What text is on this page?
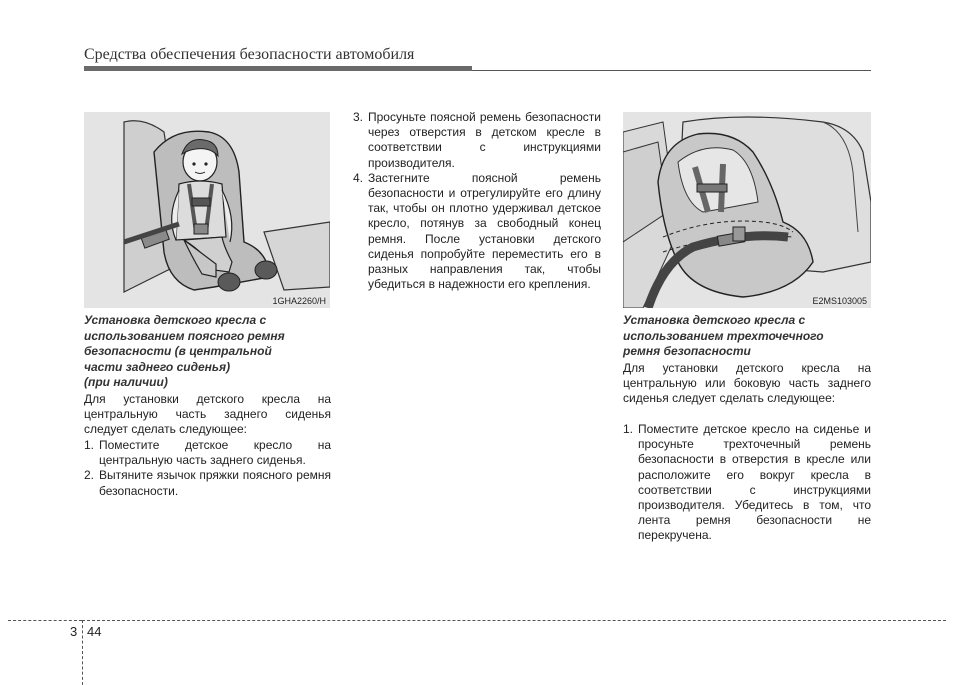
Средства обеспечения безопасности автомобиля
1GHA2260/H
Установка детского кресла с
использованием поясного ремня
безопасности (в центральной
части заднего сиденья)
(при наличии)
Для установки детского кресла на центральную часть заднего сиденья следует сделать следующее:
1. Поместите детское кресло на центральную часть заднего сиденья.
2. Вытяните язычок пряжки поясного ремня безопасности.
3. Просуньте поясной ремень безопасности через отверстия в детском кресле в соответствии с инструкциями производителя.
4. Застегните поясной ремень безопасности и отрегулируйте его длину так, чтобы он плотно удерживал детское кресло, потянув за свободный конец ремня. После установки детского сиденья попробуйте переместить его в разных направления так, чтобы убедиться в надежности его крепления.
E2MS103005
Установка детского кресла с
использованием трехточечного
ремня безопасности
Для установки детского кресла на центральную или боковую часть заднего сиденья следует сделать следующее:
1. Поместите детское кресло на сиденье и просуньте трехточечный ремень безопасности в отверстия в кресле или расположите его вокруг кресла в соответствии с инструкциями производителя. Убедитесь в том, что лента ремня безопасности не перекручена.
3 44
